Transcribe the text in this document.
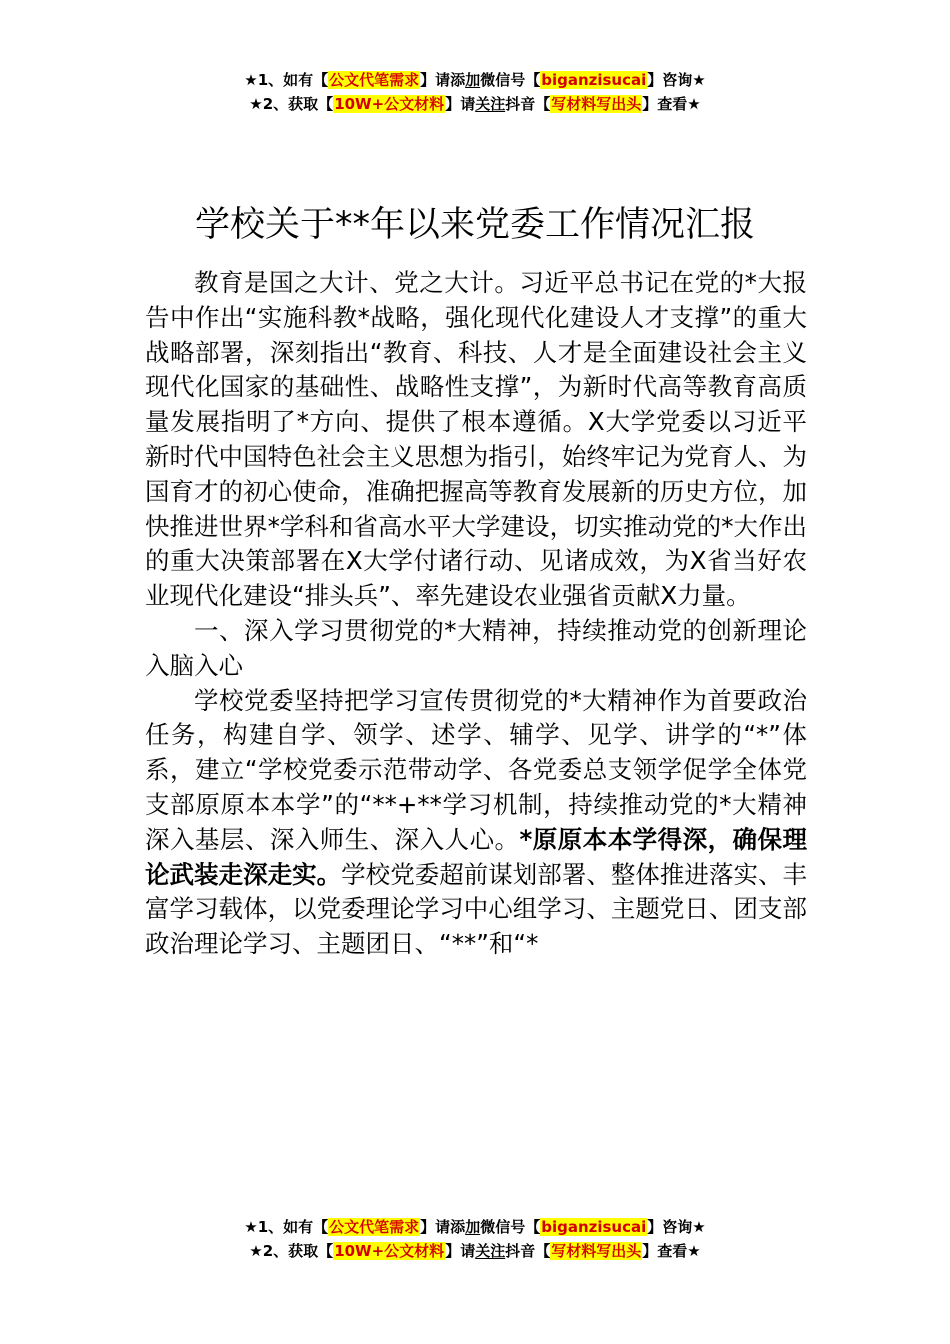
★1、如有【公文代笔需求】请添加微信号【biganzisucai】咨询★
★2、获取【10W+公文材料】请关注抖音【写材料写出头】查看★
学校关于**年以来党委工作情况汇报

教育是国之大计、党之大计。习近平总书记在党的*大报告中作出“实施科教*战略，强化现代化建设人才支撑”的重大战略部署，深刻指出“教育、科技、人才是全面建设社会主义现代化国家的基础性、战略性支撑”，为新时代高等教育高质量发展指明了*方向、提供了根本遵循。X大学党委以习近平新时代中国特色社会主义思想为指引，始终牢记为党育人、为国育才的初心使命，准确把握高等教育发展新的历史方位，加快推进世界*学科和省高水平大学建设，切实推动党的*大作出的重大决策部署在X大学付诸行动、见诸成效，为X省当好农业现代化建设“排头兵”、率先建设农业强省贡献X力量。

一、深入学习贯彻党的*大精神，持续推动党的创新理论入脑入心

学校党委坚持把学习宣传贯彻党的*大精神作为首要政治任务，构建自学、领学、述学、辅学、见学、讲学的“*”体系，建立“学校党委示范带动学、各党委总支领学促学全体党支部原原本本学”的“**+**学习机制，持续推动党的*大精神深入基层、深入师生、深入人心。*原原本本学得深，确保理论武装走深走实。学校党委超前谋划部署、整体推进落实、丰富学习载体，以党委理论学习中心组学习、主题党日、团支部政治理论学习、主题团日、“**”和“*

★1、如有【公文代笔需求】请添加微信号【biganzisucai】咨询★
★2、获取【10W+公文材料】请关注抖音【写材料写出头】查看★
